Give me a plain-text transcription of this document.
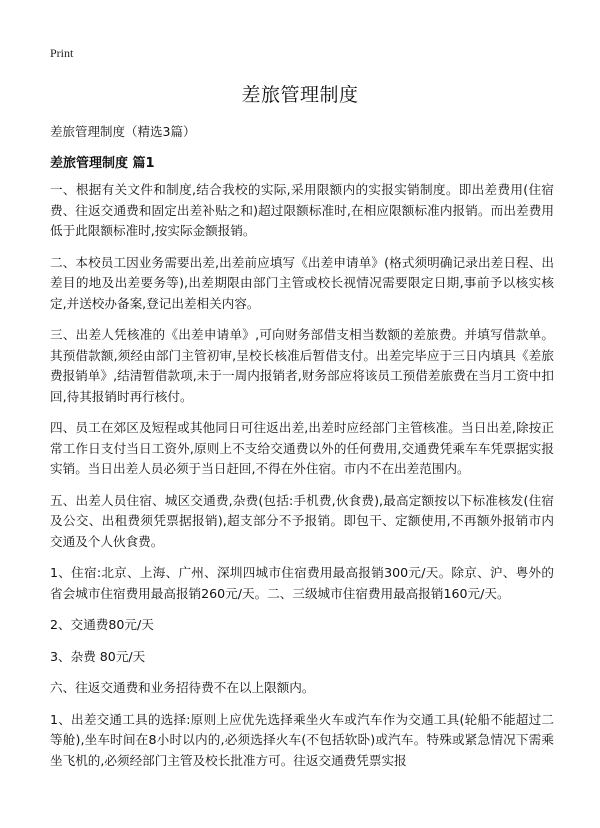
Print
差旅管理制度

差旅管理制度（精选3篇）

差旅管理制度 篇1

一、根据有关文件和制度,结合我校的实际,采用限额内的实报实销制度。即出差费用(住宿费、往返交通费和固定出差补贴之和)超过限额标准时,在相应限额标准内报销。而出差费用低于此限额标准时,按实际金额报销。

二、本校员工因业务需要出差,出差前应填写《出差申请单》(格式须明确记录出差日程、出差目的地及出差要务等),出差期限由部门主管或校长视情况需要限定日期,事前予以核实核定,并送校办备案,登记出差相关内容。

三、出差人凭核准的《出差申请单》,可向财务部借支相当数额的差旅费。并填写借款单。其预借款额,须经由部门主管初审,呈校长核准后暂借支付。出差完毕应于三日内填具《差旅费报销单》,结清暂借款项,未于一周内报销者,财务部应将该员工预借差旅费在当月工资中扣回,待其报销时再行核付。

四、员工在郊区及短程或其他同日可往返出差,出差时应经部门主管核准。当日出差,除按正常工作日支付当日工资外,原则上不支给交通费以外的任何费用,交通费凭乘车车凭票据实报实销。当日出差人员必须于当日赶回,不得在外住宿。市内不在出差范围内。

五、出差人员住宿、城区交通费,杂费(包括:手机费,伙食费),最高定额按以下标准核发(住宿及公交、出租费须凭票据报销),超支部分不予报销。即包干、定额使用,不再额外报销市内交通及个人伙食费。

1、住宿:北京、上海、广州、深圳四城市住宿费用最高报销300元/天。除京、沪、粤外的省会城市住宿费用最高报销260元/天。二、三级城市住宿费用最高报销160元/天。

2、交通费80元/天

3、杂费 80元/天

六、往返交通费和业务招待费不在以上限额内。

1、出差交通工具的选择:原则上应优先选择乘坐火车或汽车作为交通工具(轮船不能超过二等舱),坐车时间在8小时以内的,必须选择火车(不包括软卧)或汽车。特殊或紧急情况下需乘坐飞机的,必须经部门主管及校长批准方可。往返交通费凭票实报
